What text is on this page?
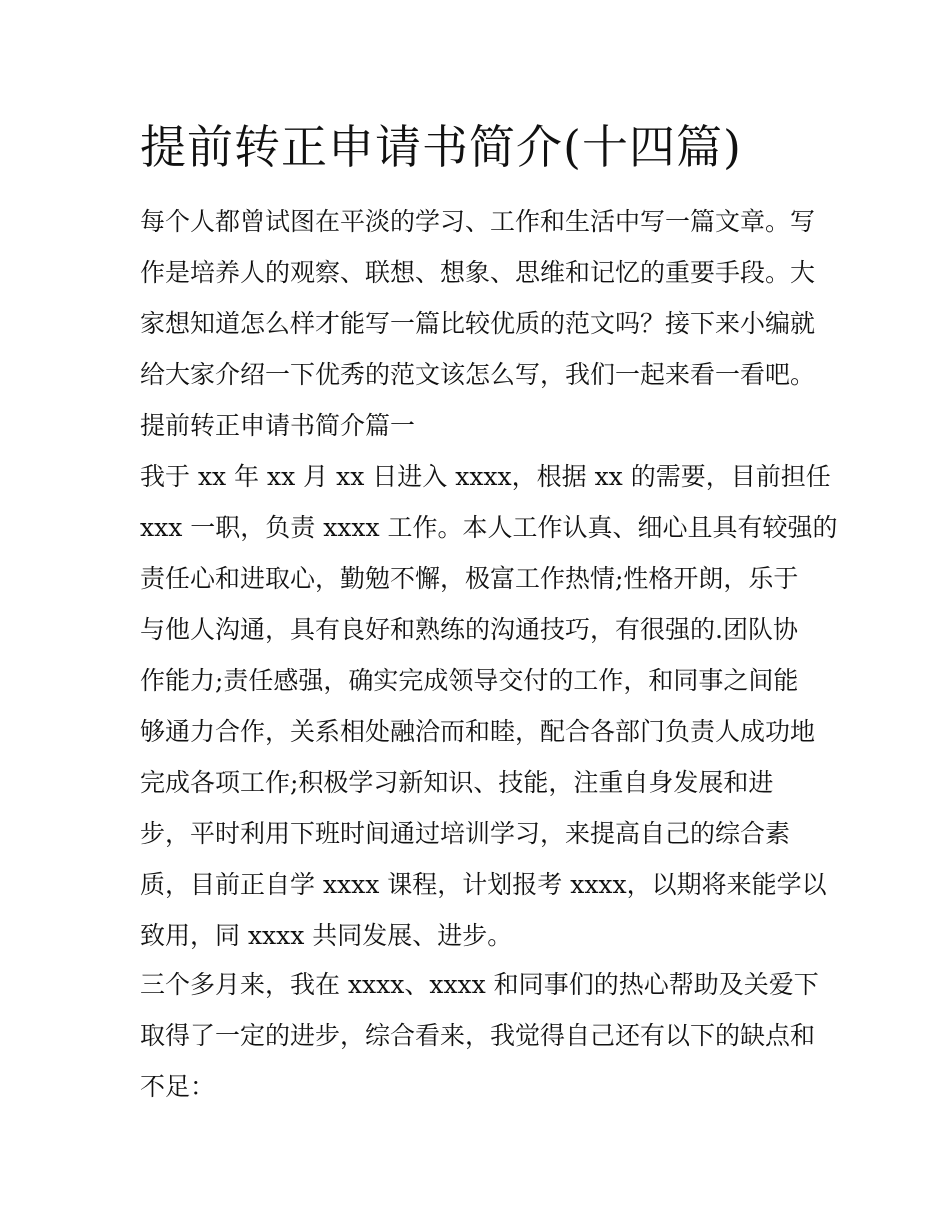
提前转正申请书简介(十四篇)

每个人都曾试图在平淡的学习、工作和生活中写一篇文章。写

作是培养人的观察、联想、想象、思维和记忆的重要手段。大

家想知道怎么样才能写一篇比较优质的范文吗？接下来小编就

给大家介绍一下优秀的范文该怎么写，我们一起来看一看吧。

提前转正申请书简介篇一

我于 xx 年 xx 月 xx 日进入 xxxx，根据 xx 的需要，目前担任

xxx 一职，负责 xxxx 工作。本人工作认真、细心且具有较强的

责任心和进取心，勤勉不懈，极富工作热情;性格开朗，乐于

与他人沟通，具有良好和熟练的沟通技巧，有很强的.团队协

作能力;责任感强，确实完成领导交付的工作，和同事之间能

够通力合作，关系相处融洽而和睦，配合各部门负责人成功地

完成各项工作;积极学习新知识、技能，注重自身发展和进

步，平时利用下班时间通过培训学习，来提高自己的综合素

质，目前正自学 xxxx 课程，计划报考 xxxx，以期将来能学以

致用，同 xxxx 共同发展、进步。

三个多月来，我在 xxxx、xxxx 和同事们的热心帮助及关爱下

取得了一定的进步，综合看来，我觉得自己还有以下的缺点和

不足：
